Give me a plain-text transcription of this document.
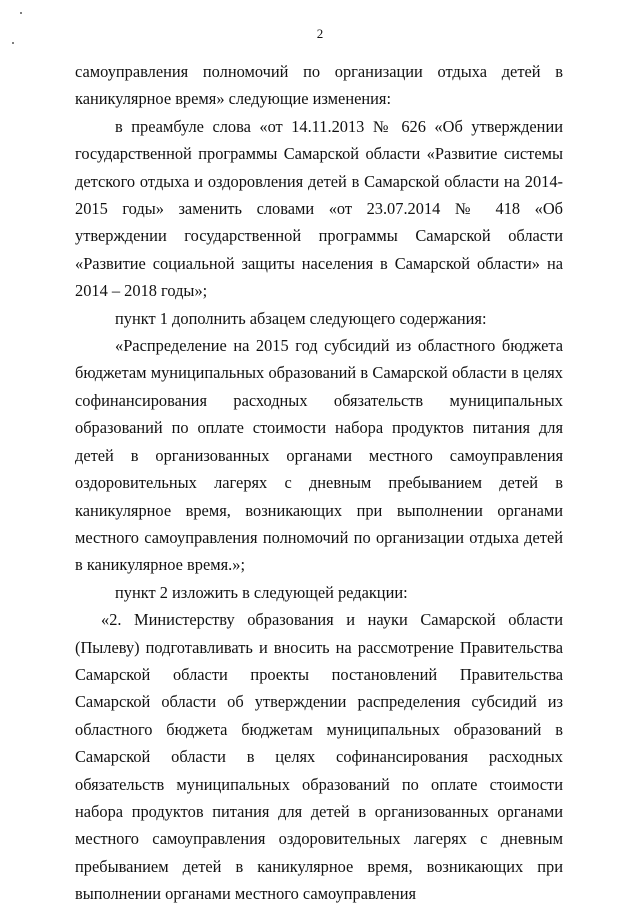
2

самоуправления полномочий по организации отдыха детей в каникулярное время» следующие изменения:

в преамбуле слова «от 14.11.2013 № 626 «Об утверждении государственной программы Самарской области «Развитие системы детского отдыха и оздоровления детей в Самарской области на 2014-2015 годы» заменить словами «от 23.07.2014 № 418 «Об утверждении государственной программы Самарской области «Развитие социальной защиты населения в Самарской области» на 2014 – 2018 годы»;

пункт 1 дополнить абзацем следующего содержания:

«Распределение на 2015 год субсидий из областного бюджета бюджетам муниципальных образований в Самарской области в целях софинансирования расходных обязательств муниципальных образований по оплате стоимости набора продуктов питания для детей в организованных органами местного самоуправления оздоровительных лагерях с дневным пребыванием детей в каникулярное время, возникающих при выполнении органами местного самоуправления полномочий по организации отдыха детей в каникулярное время.»;

пункт 2 изложить в следующей редакции:

«2. Министерству образования и науки Самарской области (Пылеву) подготавливать и вносить на рассмотрение Правительства Самарской области проекты постановлений Правительства Самарской области об утверждении распределения субсидий из областного бюджета бюджетам муниципальных образований в Самарской области в целях софинансирования расходных обязательств муниципальных образований по оплате стоимости набора продуктов питания для детей в организованных органами местного самоуправления оздоровительных лагерях с дневным пребыванием детей в каникулярное время, возникающих при выполнении органами местного самоуправления
